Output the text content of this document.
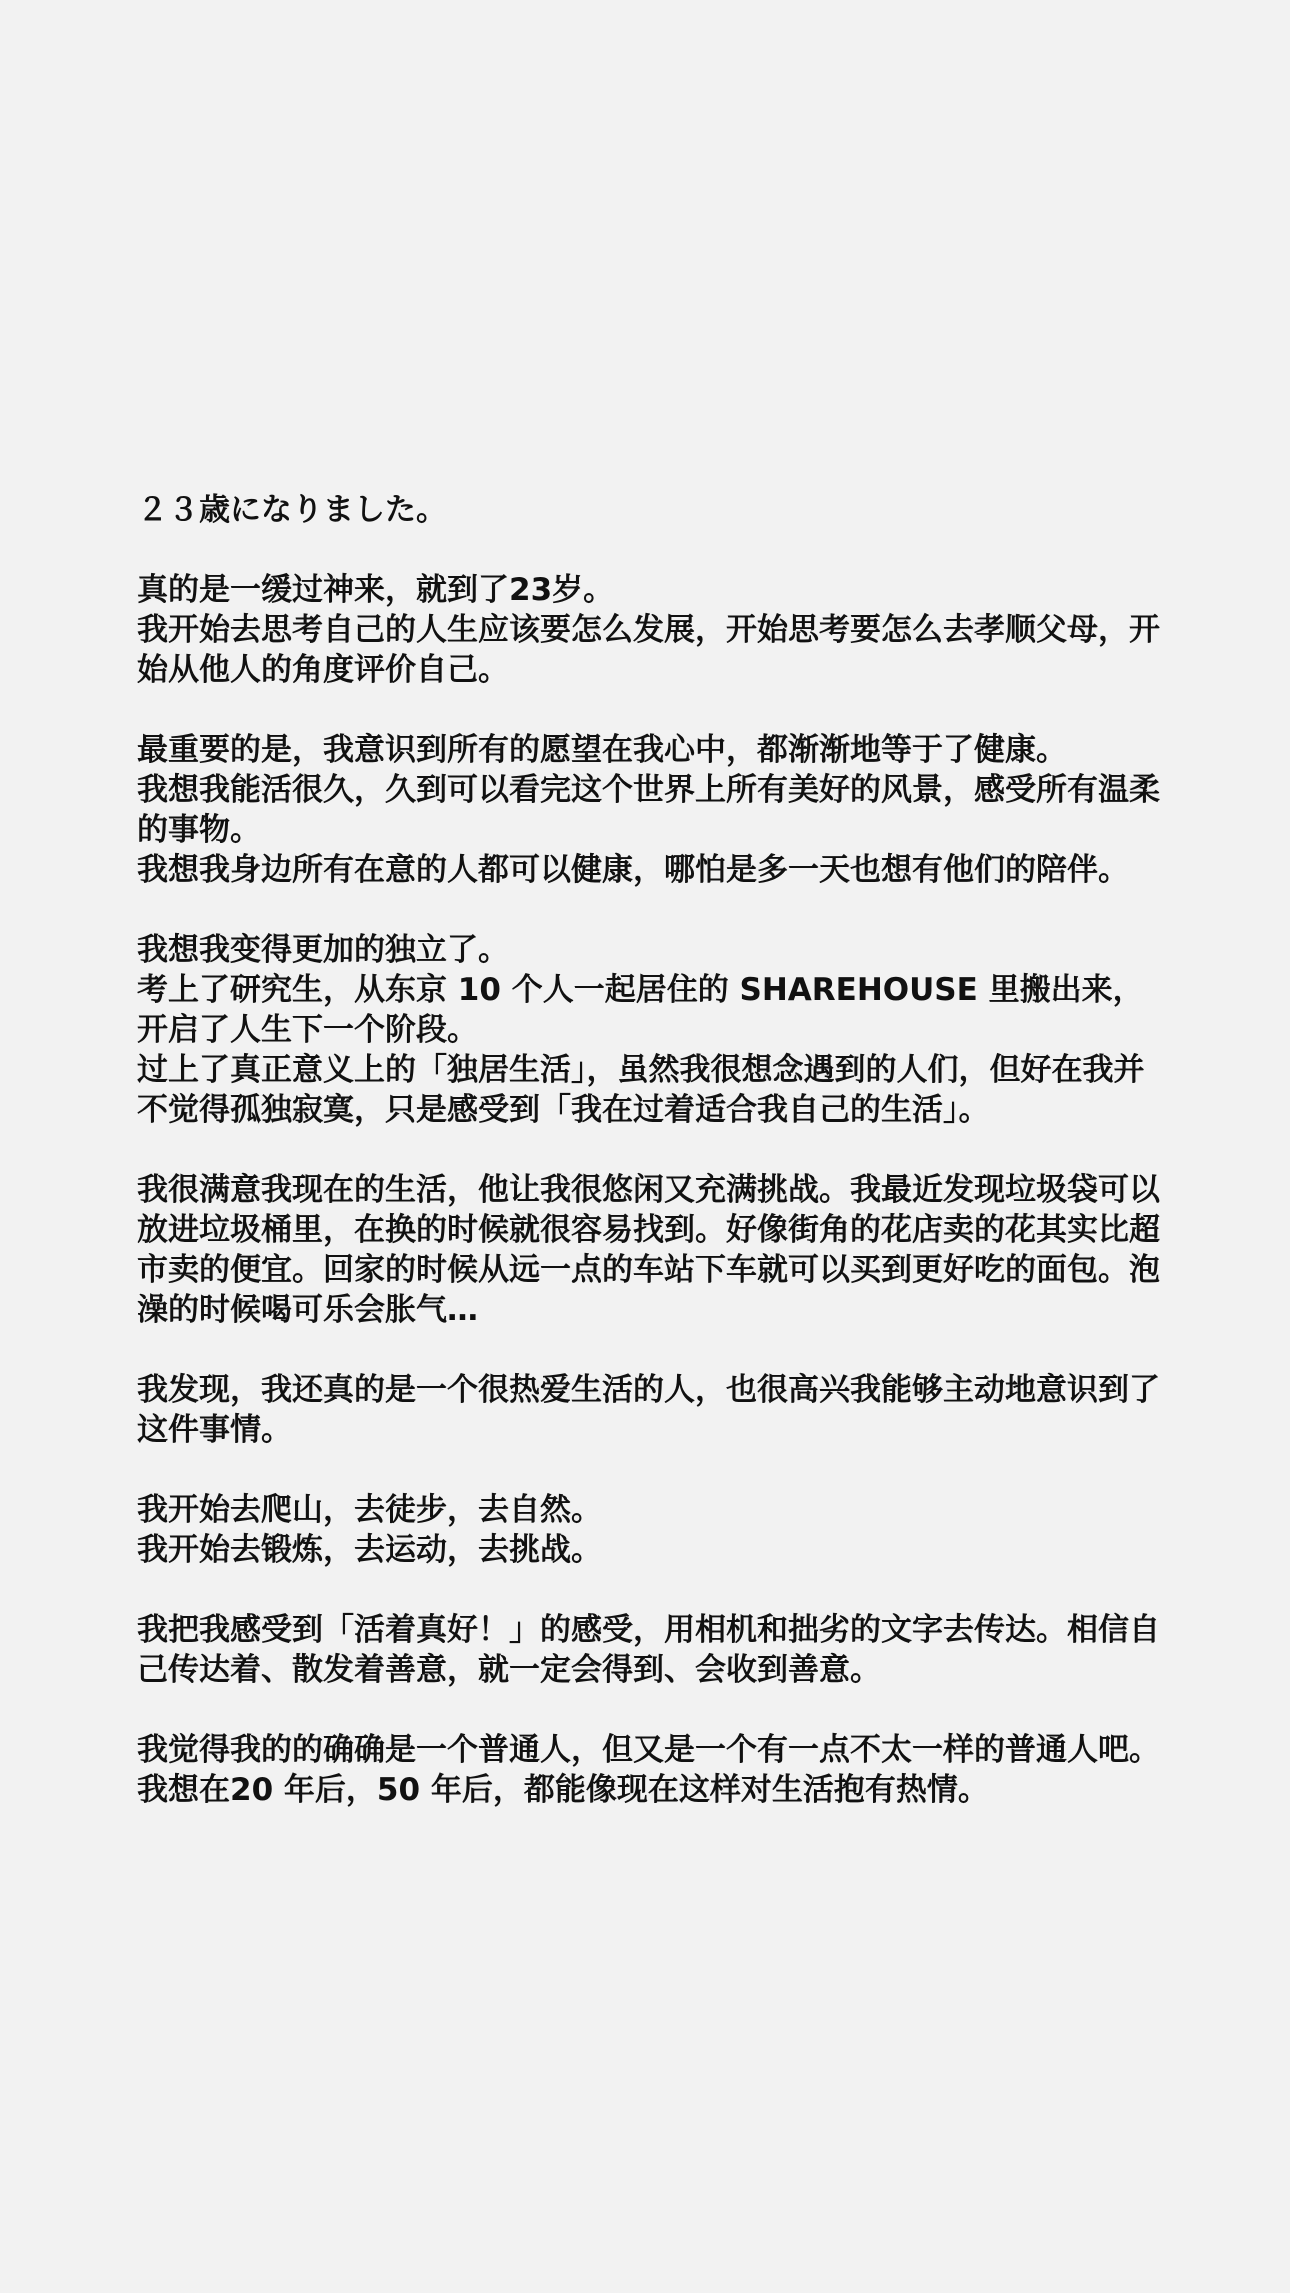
２３歳になりました。

真的是一缓过神来，就到了23岁。

我开始去思考自己的人生应该要怎么发展，开始思考要怎么去孝顺父母，开始从他人的角度评价自己。

最重要的是，我意识到所有的愿望在我心中，都渐渐地等于了健康。

我想我能活很久，久到可以看完这个世界上所有美好的风景，感受所有温柔的事物。

我想我身边所有在意的人都可以健康，哪怕是多一天也想有他们的陪伴。

我想我变得更加的独立了。

考上了研究生，从东京 10 个人一起居住的 SHAREHOUSE 里搬出来，开启了人生下一个阶段。

过上了真正意义上的「独居生活」，虽然我很想念遇到的人们，但好在我并不觉得孤独寂寞，只是感受到「我在过着适合我自己的生活」。

我很满意我现在的生活，他让我很悠闲又充满挑战。我最近发现垃圾袋可以放进垃圾桶里，在换的时候就很容易找到。好像街角的花店卖的花其实比超市卖的便宜。回家的时候从远一点的车站下车就可以买到更好吃的面包。泡澡的时候喝可乐会胀气…

我发现，我还真的是一个很热爱生活的人，也很高兴我能够主动地意识到了这件事情。

我开始去爬山，去徒步，去自然。

我开始去锻炼，去运动，去挑战。

我把我感受到「活着真好！」的感受，用相机和拙劣的文字去传达。相信自己传达着、散发着善意，就一定会得到、会收到善意。

我觉得我的的确确是一个普通人，但又是一个有一点不太一样的普通人吧。我想在20 年后，50 年后，都能像现在这样对生活抱有热情。
